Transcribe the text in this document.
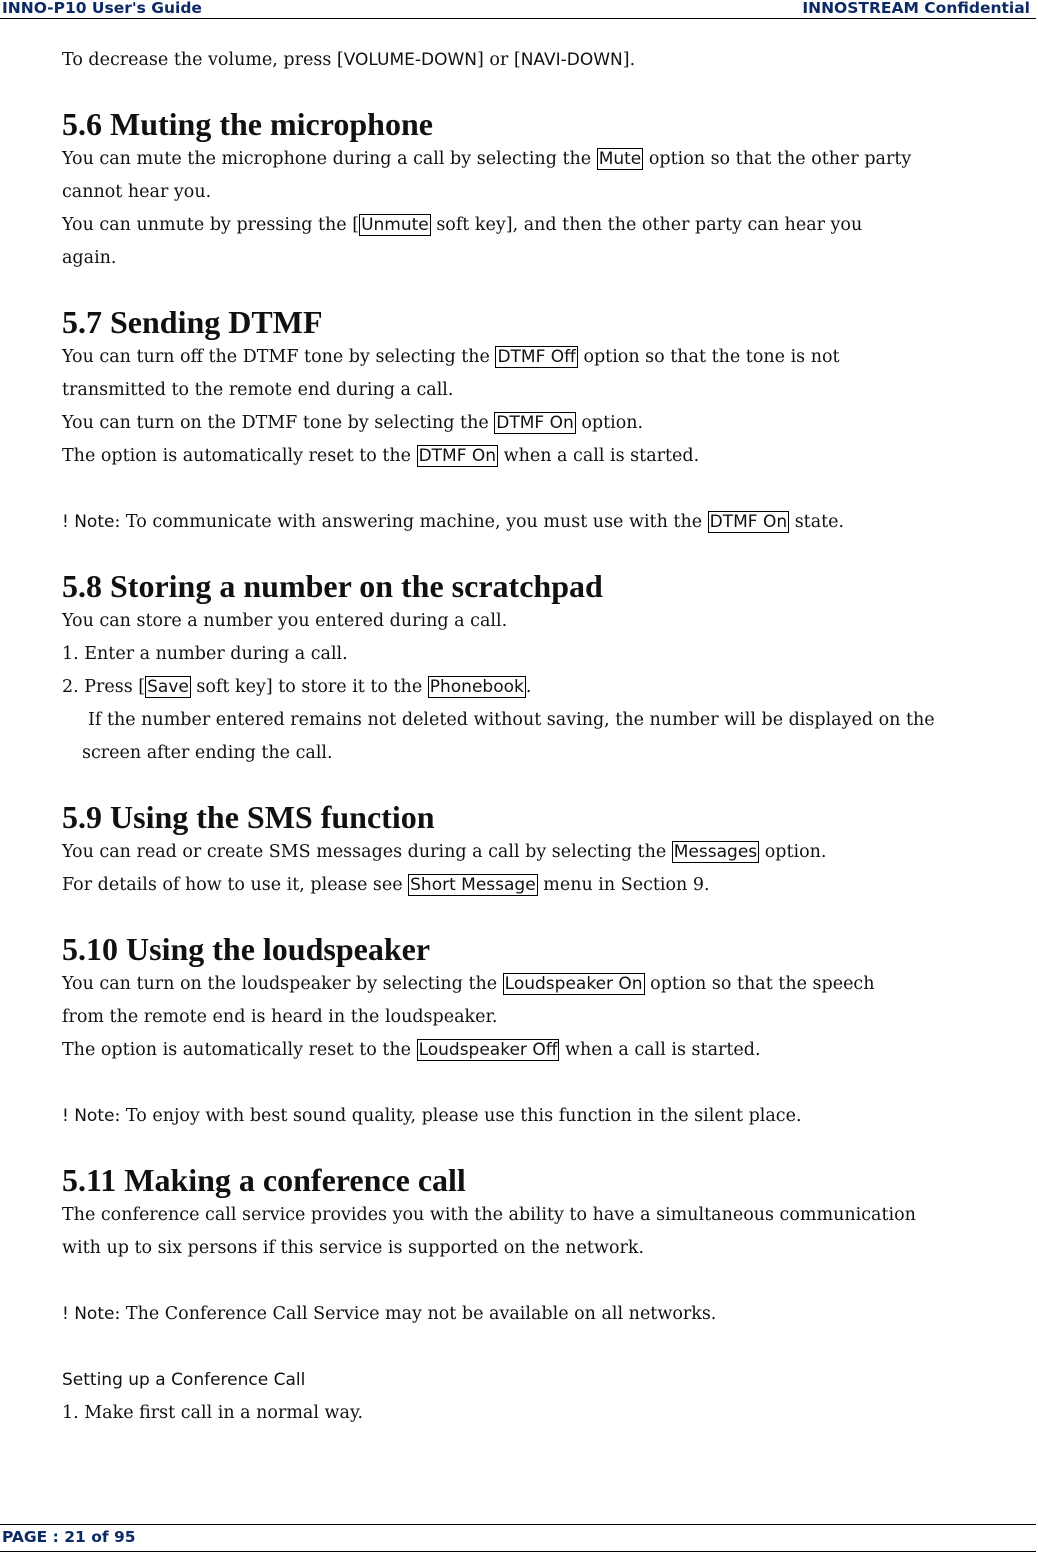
INNO-P10 User's Guide	INNOSTREAM Confidential

To decrease the volume, press [VOLUME-DOWN] or [NAVI-DOWN].

5.6 Muting the microphone

You can mute the microphone during a call by selecting the Mute option so that the other party

cannot hear you.

You can unmute by pressing the [ Unmute soft key], and then the other party can hear you

again.

5.7 Sending DTMF

You can turn off the DTMF tone by selecting the DTMF Off option so that the tone is not

transmitted to the remote end during a call.

You can turn on the DTMF tone by selecting the DTMF On option.

The option is automatically reset to the DTMF On when a call is started.

! Note: To communicate with answering machine, you must use with the DTMF On state.

5.8 Storing a number on the scratchpad

You can store a number you entered during a call.

1. Enter a number during a call.

2. Press [ Save soft key] to store it to the Phonebook .

If the number entered remains not deleted without saving, the number will be displayed on the

screen after ending the call.

5.9 Using the SMS function

You can read or create SMS messages during a call by selecting the Messages option.

For details of how to use it, please see Short Message menu in Section 9.

5.10 Using the loudspeaker

You can turn on the loudspeaker by selecting the Loudspeaker On option so that the speech

from the remote end is heard in the loudspeaker.

The option is automatically reset to the Loudspeaker Off when a call is started.

! Note: To enjoy with best sound quality, please use this function in the silent place.

5.11 Making a conference call

The conference call service provides you with the ability to have a simultaneous communication

with up to six persons if this service is supported on the network.

! Note: The Conference Call Service may not be available on all networks.

Setting up a Conference Call

1. Make first call in a normal way.

PAGE : 21 of 95
